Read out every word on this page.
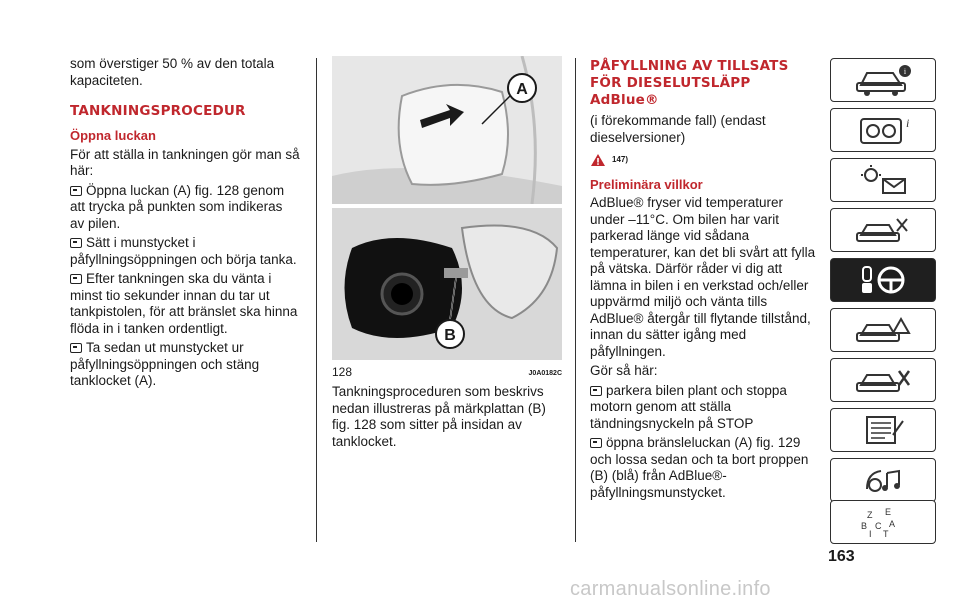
som överstiger 50 % av den totala kapaciteten.

TANKNINGSPROCEDUR
Öppna luckan

För att ställa in tankningen gör man så här:

Öppna luckan (A) fig. 128 genom att trycka på punkten som indikeras av pilen.

Sätt i munstycket i påfyllningsöppningen och börja tanka.

Efter tankningen ska du vänta i minst tio sekunder innan du tar ut tankpistolen, för att bränslet ska hinna flöda in i tanken ordentligt.

Ta sedan ut munstycket ur påfyllningsöppningen och stäng tanklocket (A).

A
B
128	J0A0182C

Tankningsproceduren som beskrivs nedan illustreras på märkplattan (B) fig. 128 som sitter på insidan av tanklocket.

PÅFYLLNING AV TILLSATS FÖR DIESELUTSLÄPP AdBlue®

(i förekommande fall) (endast dieselversioner)

147)
Preliminära villkor

AdBlue® fryser vid temperaturer under –11°C. Om bilen har varit parkerad länge vid sådana temperaturer, kan det bli svårt att fylla på vätska. Därför råder vi dig att lämna in bilen i en verkstad och/eller uppvärmd miljö och vänta tills AdBlue® återgår till flytande tillstånd, innan du sätter igång med påfyllningen.

Gör så här:

parkera bilen plant och stoppa motorn genom att ställa tändningsnyckeln på STOP

öppna bränsleluckan (A) fig. 129 och lossa sedan och ta bort proppen (B) (blå) från AdBlue®-påfyllningsmunstycket.

i
i
Z E
B C A
I T
163
carmanualsonline.info
